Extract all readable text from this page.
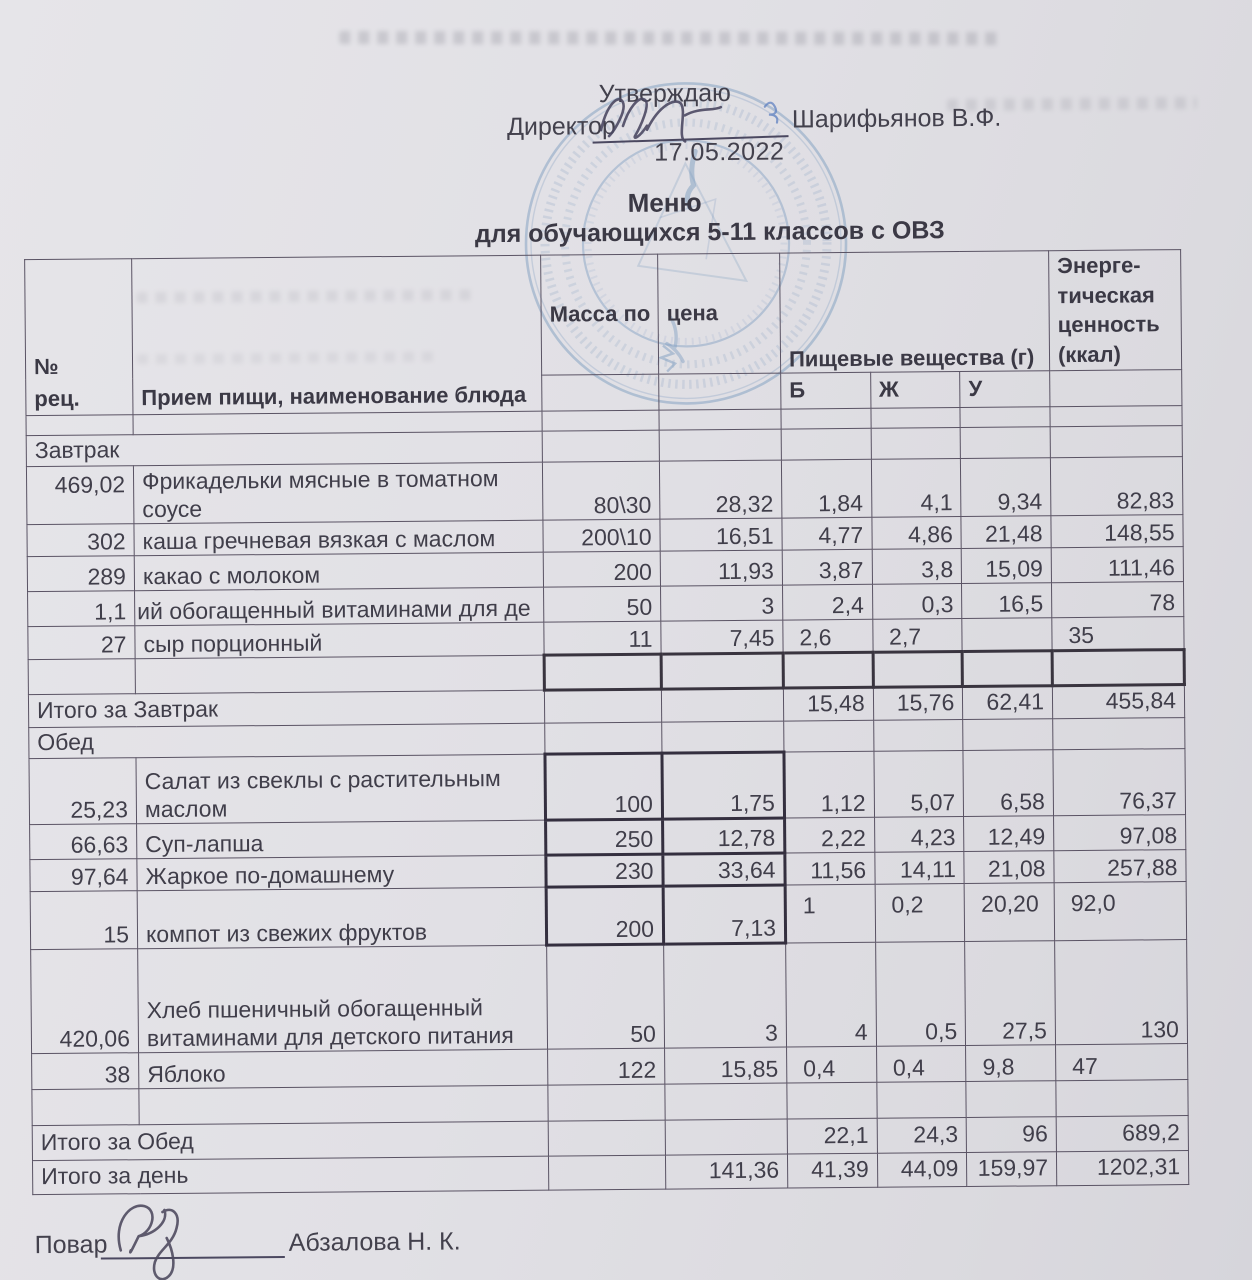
Утверждаю
Директор	Шарифьянов В.Ф.
17.05.2022
Меню
для обучающихся 5-11 классов с ОВЗ
№
рец.	Прием пищи, наименование блюда	Масса по	цена	Пищевые вещества (г)			Энерге-тическая ценность (ккал)
				Б	Ж	У	

Завтрак							
469,02	Фрикадельки мясные в томатном соусе	80\30	28,32	1,84	4,1	9,34	82,83
302	каша гречневая вязкая с маслом	200\10	16,51	4,77	4,86	21,48	148,55
289	какао с молоком	200	11,93	3,87	3,8	15,09	111,46
1,1	ий обогащенный витаминами для де	50	3	2,4	0,3	16,5	78
27	сыр порционный	11	7,45	2,6	2,7		35

Итого за Завтрак				15,48	15,76	62,41	455,84
Обед							
25,23	Салат из свеклы с растительным маслом	100	1,75	1,12	5,07	6,58	76,37
66,63	Суп-лапша	250	12,78	2,22	4,23	12,49	97,08
97,64	Жаркое по-домашнему	230	33,64	11,56	14,11	21,08	257,88
15	компот из свежих фруктов	200	7,13	1	0,2	20,20	92,0
420,06	Хлеб пшеничный обогащенный витаминами для детского питания	50	3	4	0,5	27,5	130
38	Яблоко	122	15,85	0,4	0,4	9,8	47

Итого за Обед				22,1	24,3	96	689,2
Итого за день			141,36	41,39	44,09	159,97	1202,31
Повар	Абзалова Н. К.
